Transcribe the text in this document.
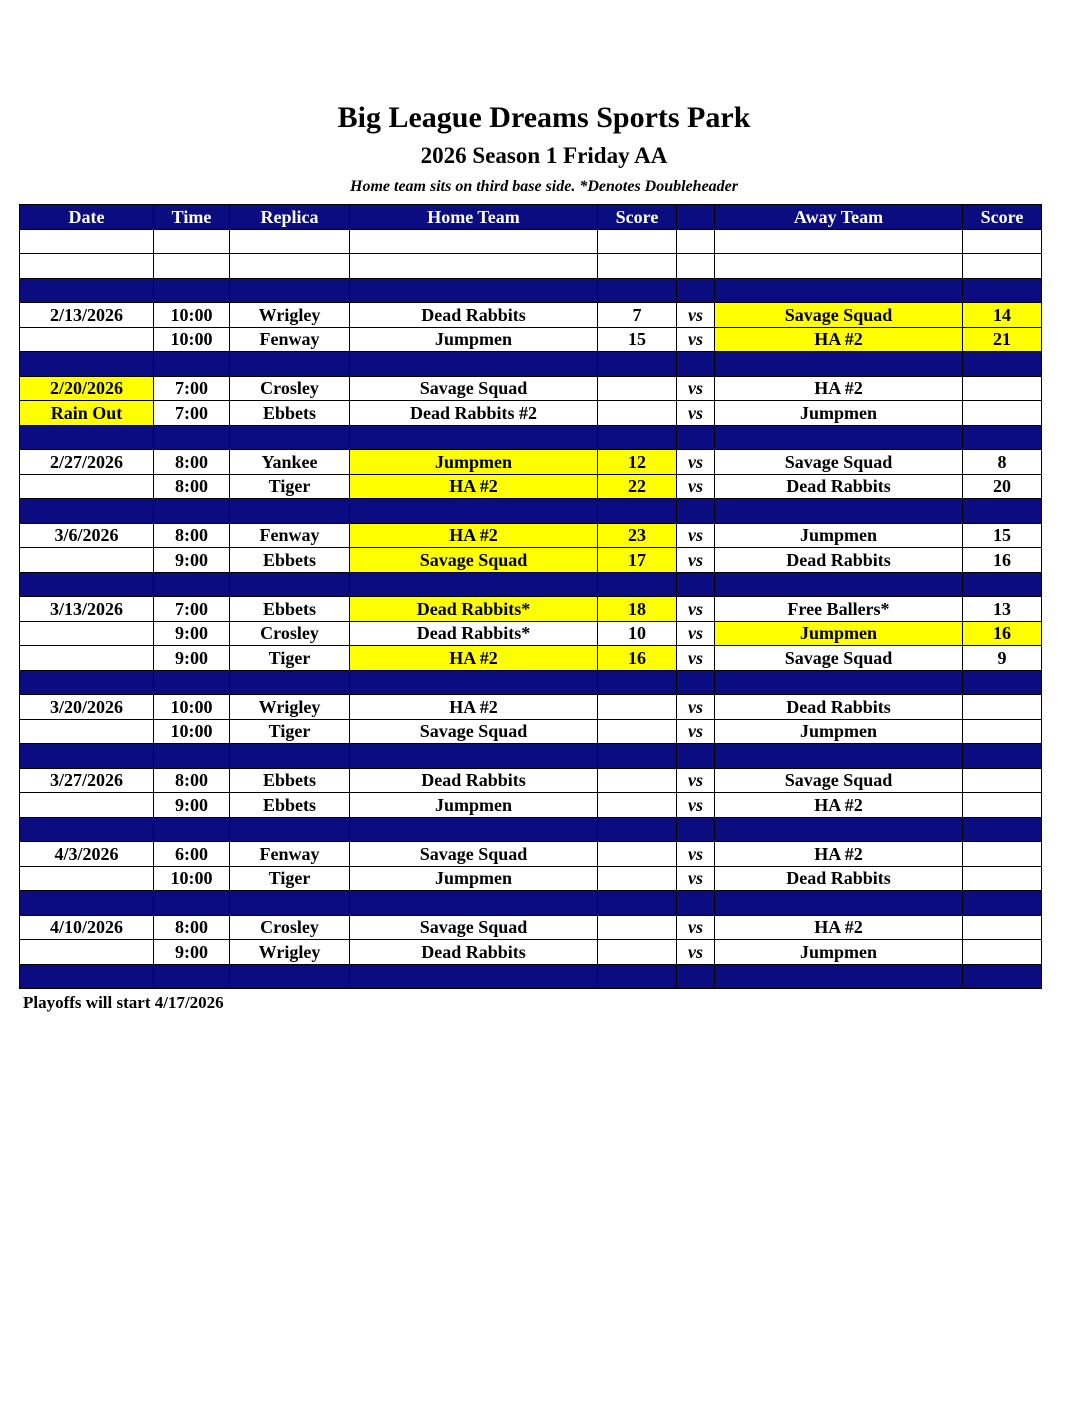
Big League Dreams Sports Park
2026 Season 1 Friday AA
Home team sits on third base side. *Denotes Doubleheader
Date	Time	Replica	Home Team	Score		Away Team	Score

2/13/2026	10:00	Wrigley	Dead Rabbits	7	vs	Savage Squad	14
	10:00	Fenway	Jumpmen	15	vs	HA #2	21

2/20/2026	7:00	Crosley	Savage Squad		vs	HA #2	
Rain Out	7:00	Ebbets	Dead Rabbits #2		vs	Jumpmen	

2/27/2026	8:00	Yankee	Jumpmen	12	vs	Savage Squad	8
	8:00	Tiger	HA #2	22	vs	Dead Rabbits	20

3/6/2026	8:00	Fenway	HA #2	23	vs	Jumpmen	15
	9:00	Ebbets	Savage Squad	17	vs	Dead Rabbits	16

3/13/2026	7:00	Ebbets	Dead Rabbits*	18	vs	Free Ballers*	13
	9:00	Crosley	Dead Rabbits*	10	vs	Jumpmen	16
	9:00	Tiger	HA #2	16	vs	Savage Squad	9

3/20/2026	10:00	Wrigley	HA #2		vs	Dead Rabbits	
	10:00	Tiger	Savage Squad		vs	Jumpmen	

3/27/2026	8:00	Ebbets	Dead Rabbits		vs	Savage Squad	
	9:00	Ebbets	Jumpmen		vs	HA #2	

4/3/2026	6:00	Fenway	Savage Squad		vs	HA #2	
	10:00	Tiger	Jumpmen		vs	Dead Rabbits	

4/10/2026	8:00	Crosley	Savage Squad		vs	HA #2	
	9:00	Wrigley	Dead Rabbits		vs	Jumpmen	

Playoffs will start 4/17/2026
